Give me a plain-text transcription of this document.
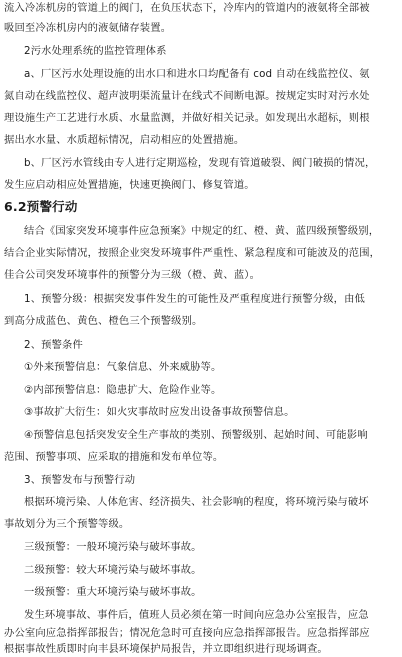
流入冷冻机房的管道上的阀门，在负压状态下，冷库内的管道内的液氨将全部被
吸回至冷冻机房内的液氨储存装置。
2污水处理系统的监控管理体系
a、厂区污水处理设施的出水口和进水口均配备有 cod 自动在线监控仪、氨
氮自动在线监控仪、超声波明渠流量计在线式不间断电源。按规定实时对污水处
理设施生产工艺进行水质、水量监测，并做好相关记录。如发现出水超标，则根
据出水水量、水质超标情况，启动相应的处置措施。
b、厂区污水管线由专人进行定期巡检，发现有管道破裂、阀门破损的情况，
发生应启动相应处置措施，快速更换阀门、修复管道。
6.2预警行动
结合《国家突发环境事件应急预案》中规定的红、橙、黄、蓝四级预警级别，
结合企业实际情况，按照企业突发环境事件严重性、紧急程度和可能波及的范围，
佳合公司突发环境事件的预警分为三级（橙、黄、蓝）。
1、预警分级：根据突发事件发生的可能性及严重程度进行预警分级，由低
到高分成蓝色、黄色、橙色三个预警级别。
2、预警条件
①外来预警信息：气象信息、外来威胁等。
②内部预警信息：隐患扩大、危险作业等。
③事故扩大衍生：如火灾事故时应发出设备事故预警信息。
④预警信息包括突发安全生产事故的类别、预警级别、起始时间、可能影响
范围、预警事项、应采取的措施和发布单位等。
3、预警发布与预警行动
根据环境污染、人体危害、经济损失、社会影响的程度，将环境污染与破坏
事故划分为三个预警等级。
三级预警：一般环境污染与破坏事故。
二级预警：较大环境污染与破坏事故。
一级预警：重大环境污染与破坏事故。
发生环境事故、事件后，值班人员必须在第一时间向应急办公室报告，应急
办公室向应急指挥部报告；情况危急时可直接向应急指挥部报告。应急指挥部应
根据事故性质即时向丰县环境保护局报告，并立即组织进行现场调查。
